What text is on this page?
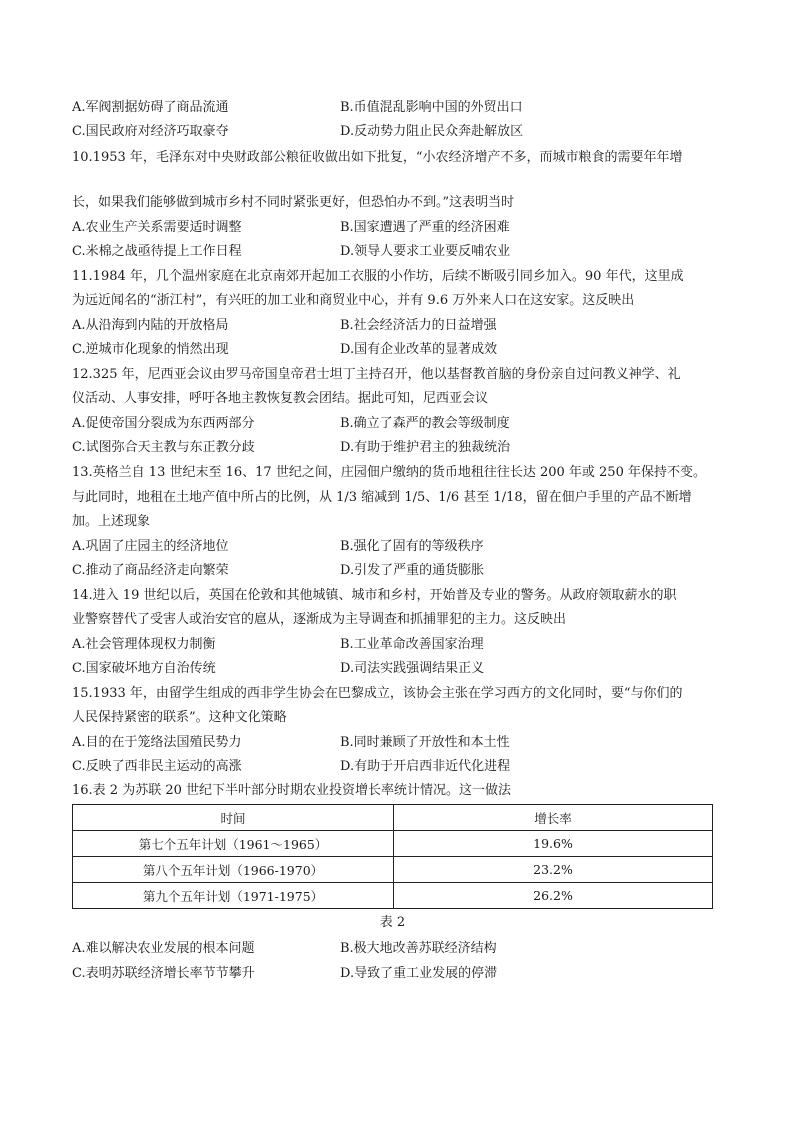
A.军阀割据妨碍了商品流通	B.币值混乱影响中国的外贸出口
C.国民政府对经济巧取豪夺	D.反动势力阻止民众奔赴解放区
10.1953 年，毛泽东对中央财政部公粮征收做出如下批复，“小农经济增产不多，而城市粮食的需要年年增
长，如果我们能够做到城市乡村不同时紧张更好，但恐怕办不到。”这表明当时
A.农业生产关系需要适时调整	B.国家遭遇了严重的经济困难
C.米棉之战亟待提上工作日程	D.领导人要求工业要反哺农业
11.1984 年，几个温州家庭在北京南郊开起加工衣服的小作坊，后续不断吸引同乡加入。90 年代，这里成
为远近闻名的“浙江村”，有兴旺的加工业和商贸业中心，并有 9.6 万外来人口在这安家。这反映出
A.从沿海到内陆的开放格局	B.社会经济活力的日益增强
C.逆城市化现象的悄然出现	D.国有企业改革的显著成效
12.325 年，尼西亚会议由罗马帝国皇帝君士坦丁主持召开，他以基督教首脑的身份亲自过问教义神学、礼
仪活动、人事安排，呼吁各地主教恢复教会团结。据此可知，尼西亚会议
A.促使帝国分裂成为东西两部分	B.确立了森严的教会等级制度
C.试图弥合天主教与东正教分歧	D.有助于维护君主的独裁统治
13.英格兰自 13 世纪末至 16、17 世纪之间，庄园佃户缴纳的货币地租往往长达 200 年或 250 年保持不变。
与此同时，地租在土地产值中所占的比例，从 1/3 缩减到 1/5、1/6 甚至 1/18，留在佃户手里的产品不断增
加。上述现象
A.巩固了庄园主的经济地位	B.强化了固有的等级秩序
C.推动了商品经济走向繁荣	D.引发了严重的通货膨胀
14.进入 19 世纪以后，英国在伦敦和其他城镇、城市和乡村，开始普及专业的警务。从政府领取薪水的职
业警察替代了受害人或治安官的扈从，逐渐成为主导调查和抓捕罪犯的主力。这反映出
A.社会管理体现权力制衡	B.工业革命改善国家治理
C.国家破坏地方自治传统	D.司法实践强调结果正义
15.1933 年，由留学生组成的西非学生协会在巴黎成立，该协会主张在学习西方的文化同时，要“与你们的
人民保持紧密的联系”。这种文化策略
A.目的在于笼络法国殖民势力	B.同时兼顾了开放性和本土性
C.反映了西非民主运动的高涨	D.有助于开启西非近代化进程
16.表 2 为苏联 20 世纪下半叶部分时期农业投资增长率统计情况。这一做法
时间	增长率
第七个五年计划（1961～1965）	19.6%
第八个五年计划（1966-1970）	23.2%
第九个五年计划（1971-1975）	26.2%
表 2
A.难以解决农业发展的根本问题	B.极大地改善苏联经济结构
C.表明苏联经济增长率节节攀升	D.导致了重工业发展的停滞
